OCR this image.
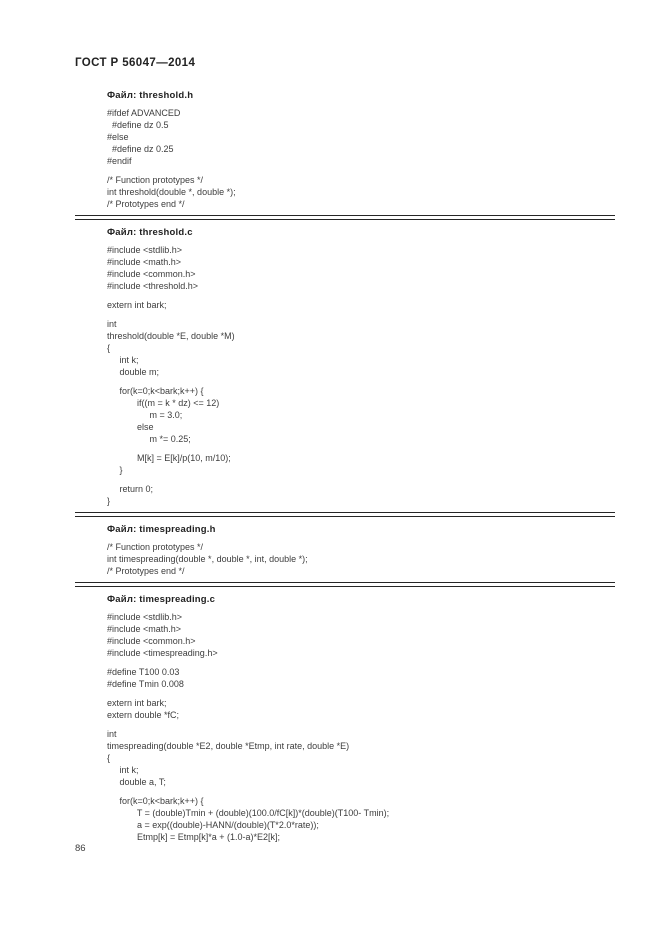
ГОСТ Р 56047—2014
Файл: threshold.h
#ifdef ADVANCED
#define dz 0.5
#else
#define dz 0.25
#endif
/* Function prototypes */
int threshold(double *, double *);
/* Prototypes end */
Файл: threshold.c
#include <stdlib.h>
#include <math.h>
#include <common.h>
#include <threshold.h>
extern int bark;
int
threshold(double *E, double *M)
{
int k;
double m;
for(k=0;k<bark;k++) {
if((m = k * dz) <= 12)
m = 3.0;
else
m *= 0.25;
M[k] = E[k]/p(10, m/10);
}
return 0;
}
Файл: timespreading.h
/* Function prototypes */
int timespreading(double *, double *, int, double *);
/* Prototypes end */
Файл: timespreading.c
#include <stdlib.h>
#include <math.h>
#include <common.h>
#include <timespreading.h>
#define T100 0.03
#define Tmin 0.008
extern int bark;
extern double *fC;
int
timespreading(double *E2, double *Etmp, int rate, double *E)
{
int k;
double a, T;
for(k=0;k<bark;k++) {
T = (double)Tmin + (double)(100.0/fC[k])*(double)(T100- Tmin);
a = exp((double)-HANN/(double)(T*2.0*rate));
Etmp[k] = Etmp[k]*a + (1.0-a)*E2[k];
86
